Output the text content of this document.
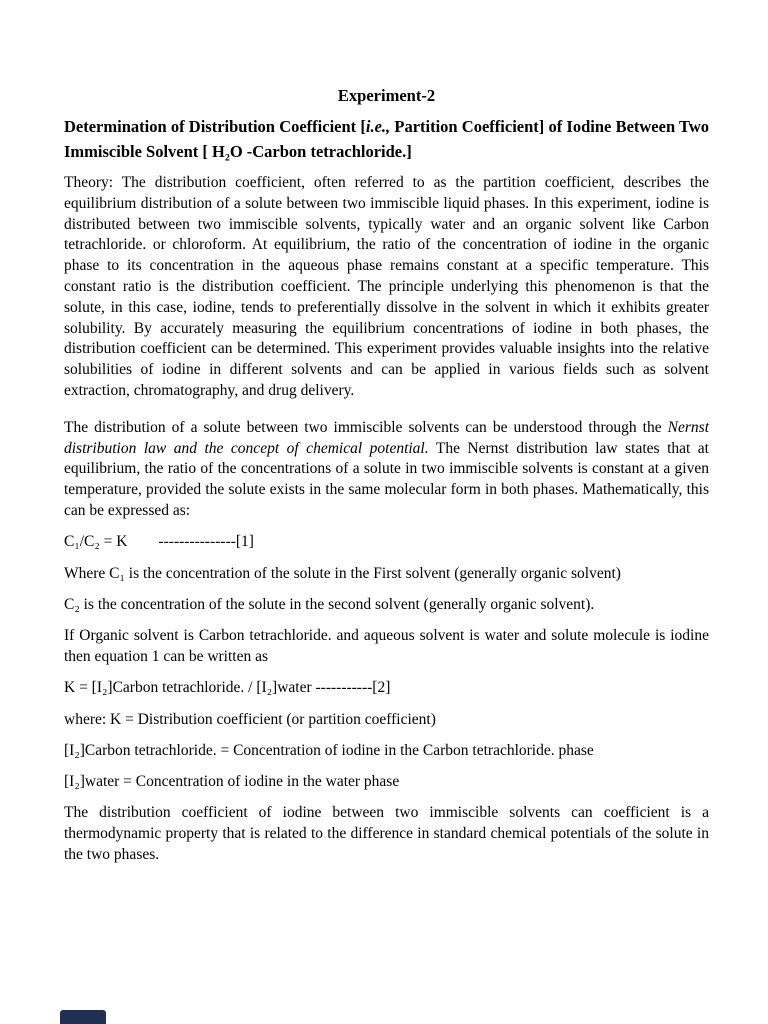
Experiment-2
Determination of Distribution Coefficient [i.e., Partition Coefficient] of Iodine Between Two Immiscible Solvent [ H₂O -Carbon tetrachloride.]

Theory: The distribution coefficient, often referred to as the partition coefficient, describes the equilibrium distribution of a solute between two immiscible liquid phases. In this experiment, iodine is distributed between two immiscible solvents, typically water and an organic solvent like Carbon tetrachloride. or chloroform. At equilibrium, the ratio of the concentration of iodine in the organic phase to its concentration in the aqueous phase remains constant at a specific temperature. This constant ratio is the distribution coefficient. The principle underlying this phenomenon is that the solute, in this case, iodine, tends to preferentially dissolve in the solvent in which it exhibits greater solubility. By accurately measuring the equilibrium concentrations of iodine in both phases, the distribution coefficient can be determined. This experiment provides valuable insights into the relative solubilities of iodine in different solvents and can be applied in various fields such as solvent extraction, chromatography, and drug delivery.

The distribution of a solute between two immiscible solvents can be understood through the Nernst distribution law and the concept of chemical potential. The Nernst distribution law states that at equilibrium, the ratio of the concentrations of a solute in two immiscible solvents is constant at a given temperature, provided the solute exists in the same molecular form in both phases. Mathematically, this can be expressed as:

C₁/C₂ = K        ---------------[1]

Where C₁ is the concentration of the solute in the First solvent (generally organic solvent)

C₂ is the concentration of the solute in the second solvent (generally organic solvent).

If Organic solvent is Carbon tetrachloride. and aqueous solvent is water and solute molecule is iodine then equation 1 can be written as

K = [I₂]Carbon tetrachloride. / [I₂]water -----------[2]

where: K = Distribution coefficient (or partition coefficient)

[I₂]Carbon tetrachloride. = Concentration of iodine in the Carbon tetrachloride. phase

[I₂]water = Concentration of iodine in the water phase

The distribution coefficient of iodine between two immiscible solvents can coefficient is a thermodynamic property that is related to the difference in standard chemical potentials of the solute in the two phases.
